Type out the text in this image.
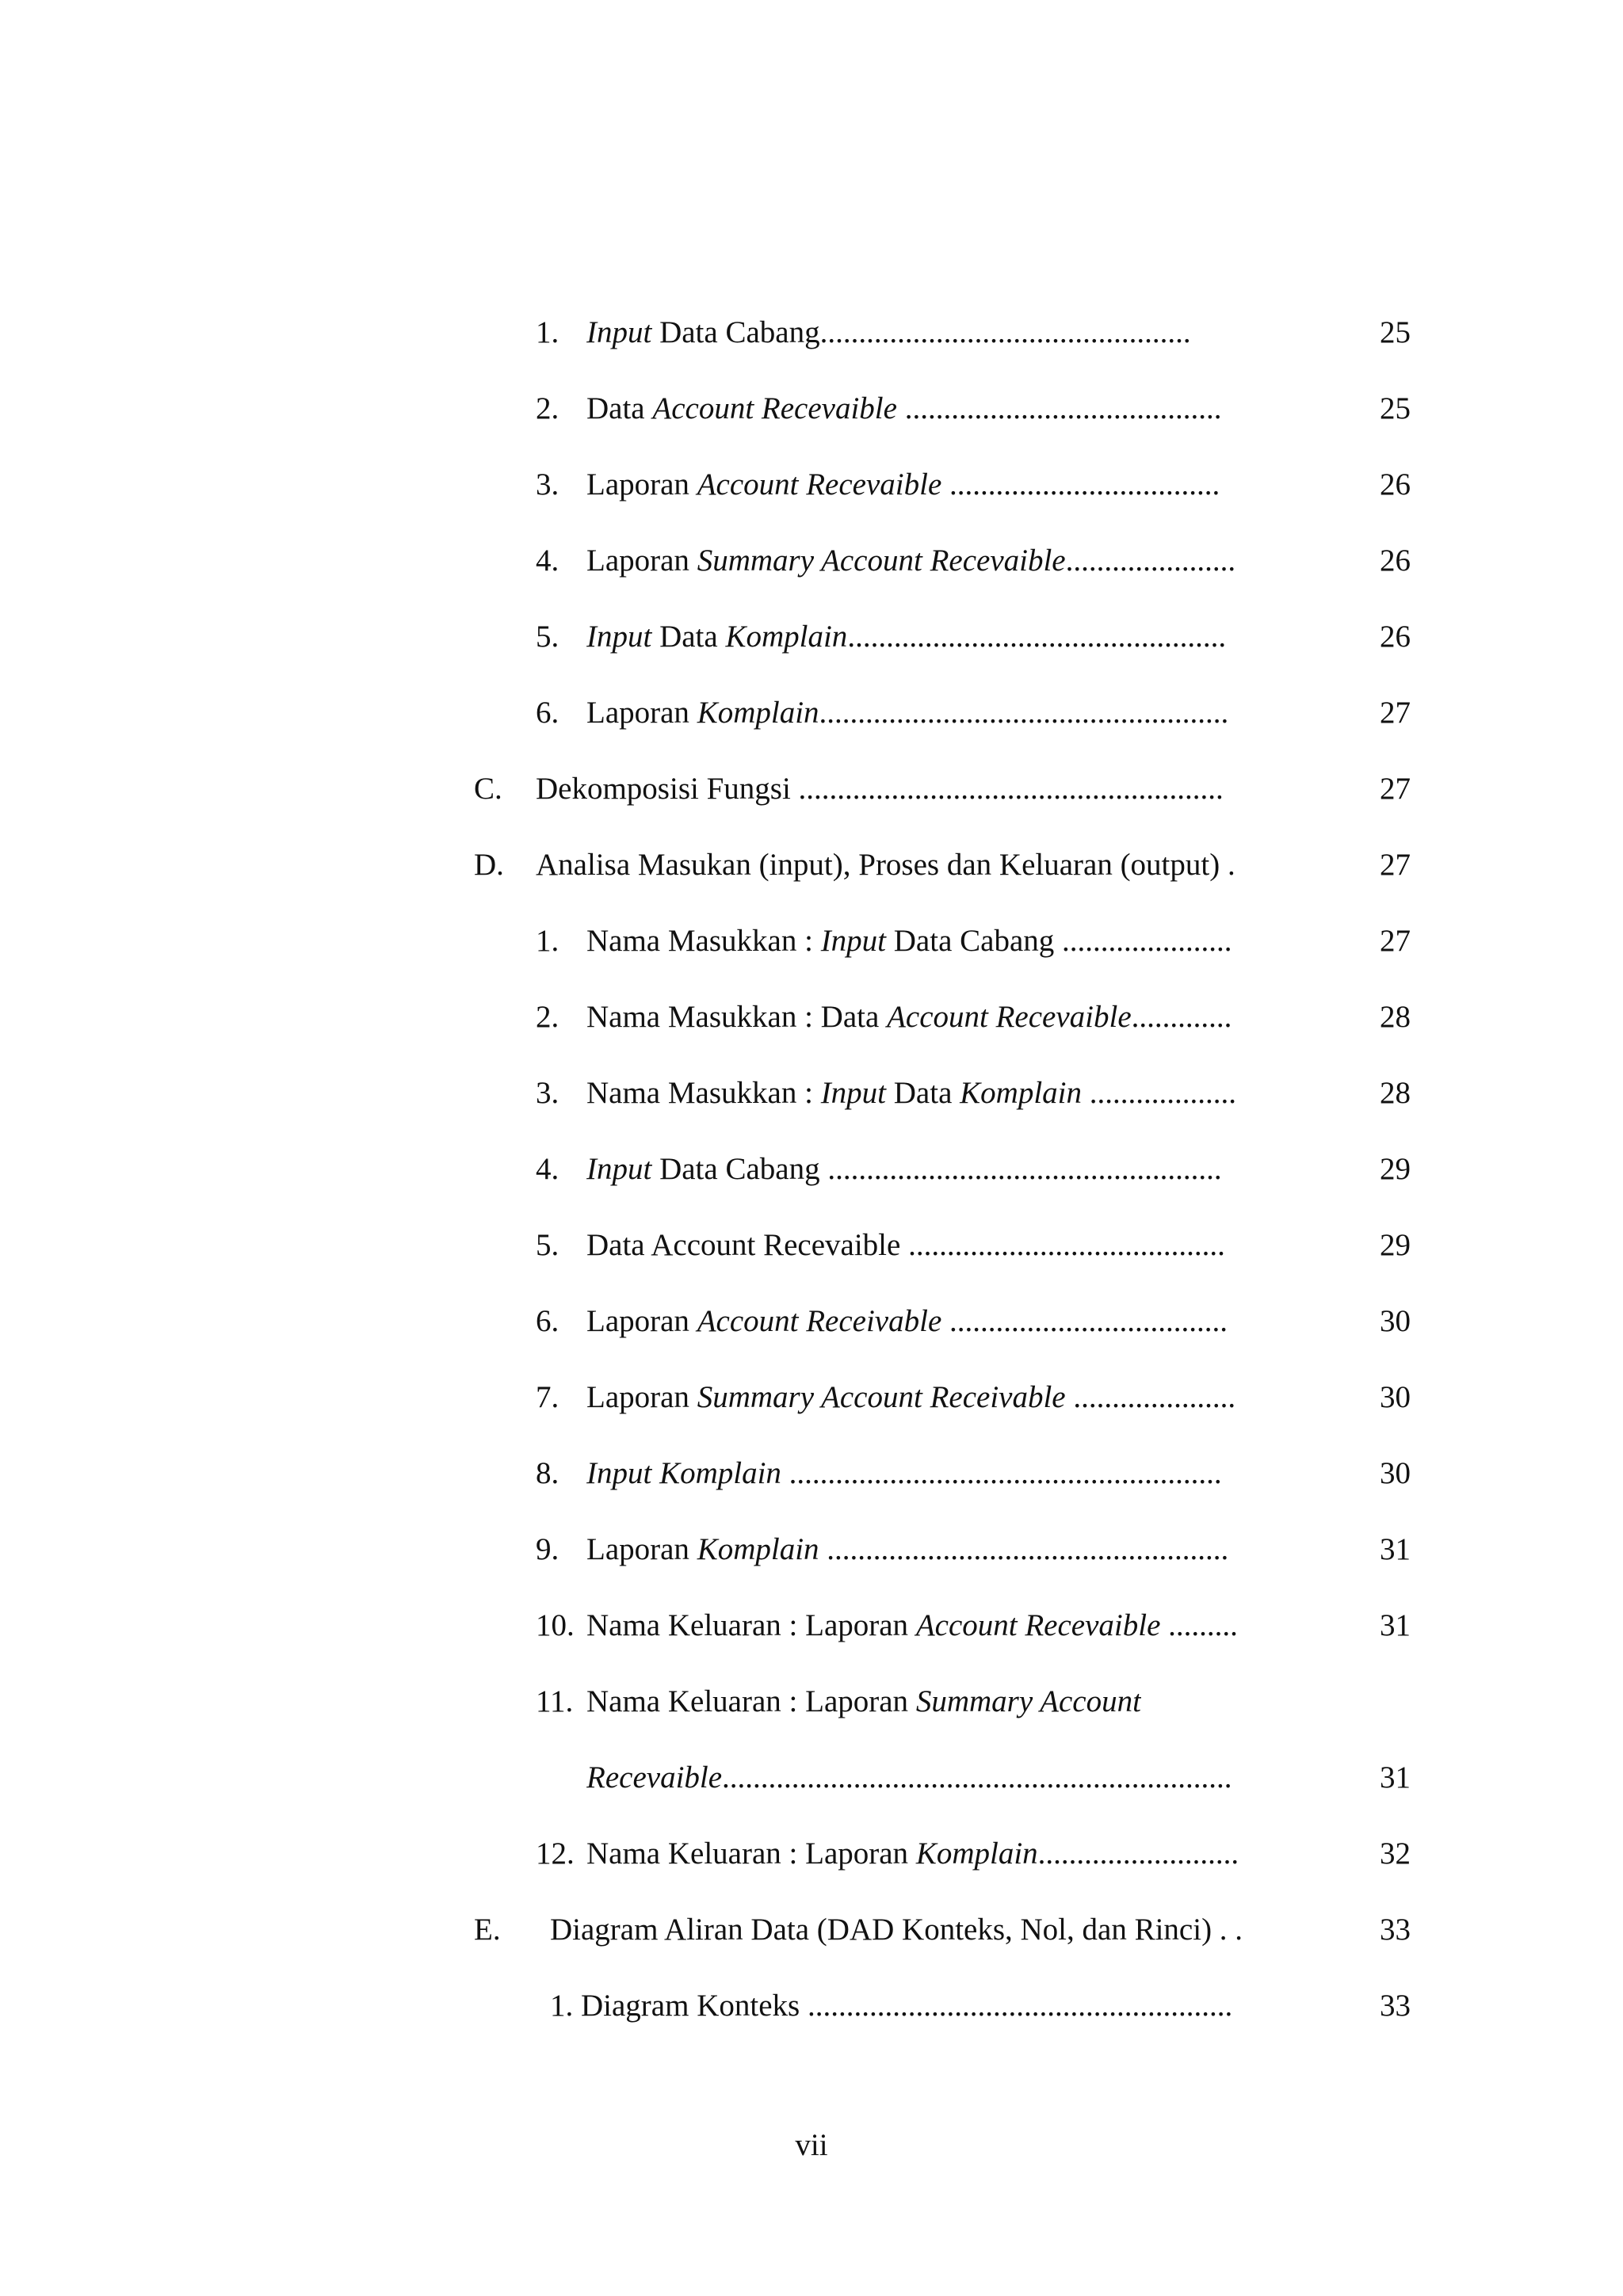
1. Input Data Cabang................................................	25
2. Data Account Recevaible .........................................	25
3. Laporan Account Recevaible ...................................	26
4. Laporan Summary Account Recevaible......................	26
5. Input Data Komplain.................................................	26
6. Laporan Komplain.....................................................	27
C. Dekomposisi Fungsi .......................................................	27
D. Analisa Masukan (input), Proses dan Keluaran (output) .	27
1. Nama Masukkan : Input Data Cabang ......................	27
2. Nama Masukkan : Data Account Recevaible.............	28
3. Nama Masukkan : Input Data Komplain ...................	28
4. Input Data Cabang ...................................................	29
5. Data Account Recevaible .........................................	29
6. Laporan Account Receivable ....................................	30
7. Laporan Summary Account Receivable .....................	30
8. Input Komplain ........................................................	30
9. Laporan Komplain ....................................................	31
10. Nama Keluaran : Laporan Account Recevaible .........	31
11. Nama Keluaran : Laporan Summary Account
Recevaible..................................................................	31
12. Nama Keluaran : Laporan Komplain..........................	32
E. Diagram Aliran Data (DAD Konteks, Nol, dan Rinci) . .	33
1. Diagram Konteks .......................................................	33
vii
